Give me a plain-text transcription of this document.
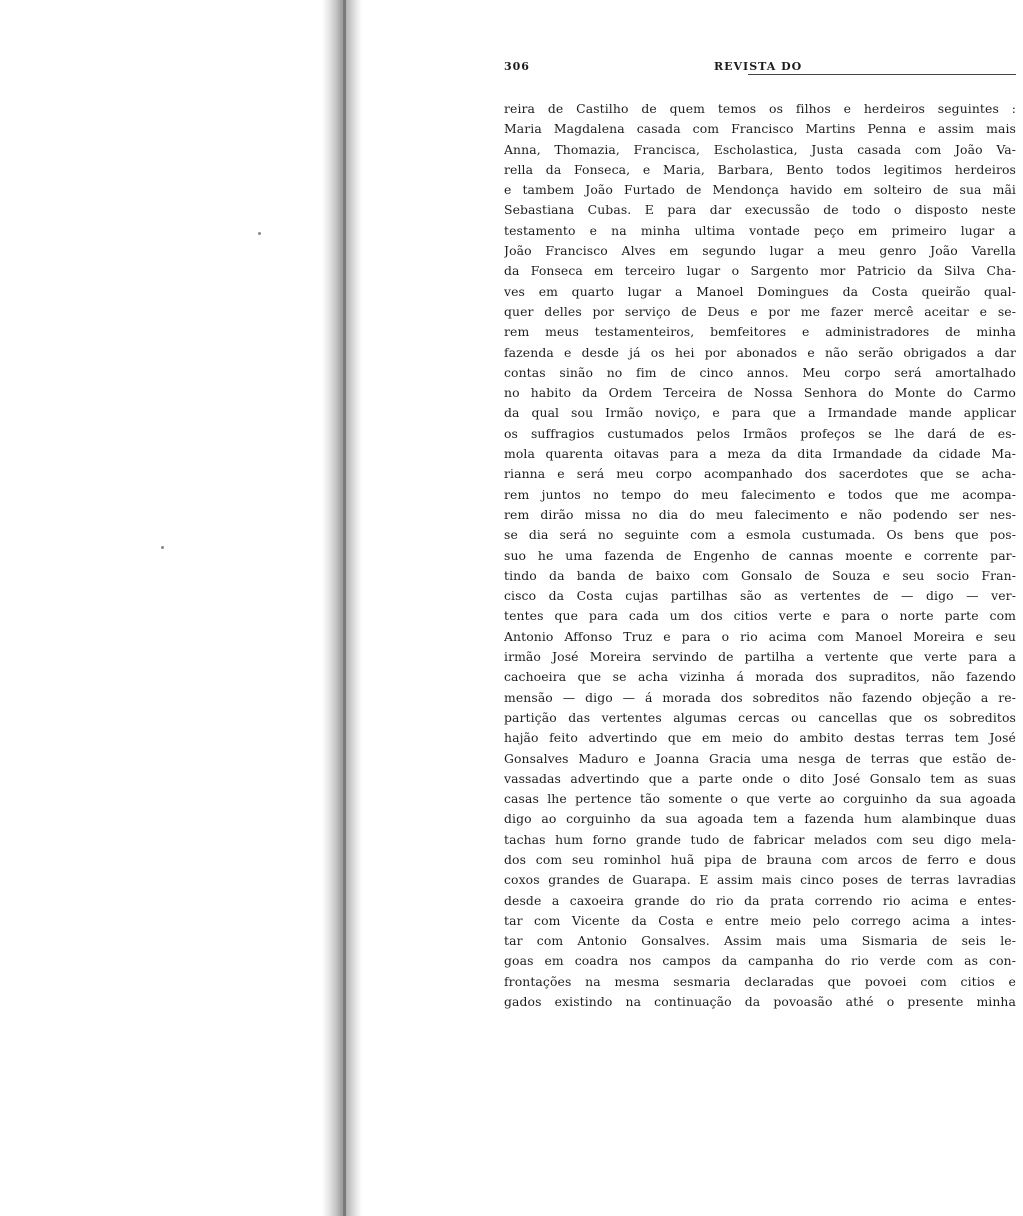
306	REVISTA DO
reira de Castilho de quem temos os filhos e herdeiros seguintes :
Maria Magdalena casada com Francisco Martins Penna e assim mais
Anna, Thomazia, Francisca, Escholastica, Justa casada com João Va-
rella da Fonseca, e Maria, Barbara, Bento todos legitimos herdeiros
e tambem João Furtado de Mendonça havido em solteiro de sua mãi
Sebastiana Cubas. E para dar execussão de todo o disposto neste
testamento e na minha ultima vontade peço em primeiro lugar a
João Francisco Alves em segundo lugar a meu genro João Varella
da Fonseca em terceiro lugar o Sargento mor Patricio da Silva Cha-
ves em quarto lugar a Manoel Domingues da Costa queirão qual-
quer delles por serviço de Deus e por me fazer mercê aceitar e se-
rem meus testamenteiros, bemfeitores e administradores de minha
fazenda e desde já os hei por abonados e não serão obrigados a dar
contas sinão no fim de cinco annos. Meu corpo será amortalhado
no habito da Ordem Terceira de Nossa Senhora do Monte do Carmo
da qual sou Irmão noviço, e para que a Irmandade mande applicar
os suffragios custumados pelos Irmãos profeços se lhe dará de es-
mola quarenta oitavas para a meza da dita Irmandade da cidade Ma-
rianna e será meu corpo acompanhado dos sacerdotes que se acha-
rem juntos no tempo do meu falecimento e todos que me acompa-
rem dirão missa no dia do meu falecimento e não podendo ser nes-
se dia será no seguinte com a esmola custumada. Os bens que pos-
suo he uma fazenda de Engenho de cannas moente e corrente par-
tindo da banda de baixo com Gonsalo de Souza e seu socio Fran-
cisco da Costa cujas partilhas são as vertentes de — digo — ver-
tentes que para cada um dos citios verte e para o norte parte com
Antonio Affonso Truz e para o rio acima com Manoel Moreira e seu
irmão José Moreira servindo de partilha a vertente que verte para a
cachoeira que se acha vizinha á morada dos supraditos, não fazendo
mensão — digo — á morada dos sobreditos não fazendo objeção a re-
partição das vertentes algumas cercas ou cancellas que os sobreditos
hajão feito advertindo que em meio do ambito destas terras tem José
Gonsalves Maduro e Joanna Gracia uma nesga de terras que estão de-
vassadas advertindo que a parte onde o dito José Gonsalo tem as suas
casas lhe pertence tão somente o que verte ao corguinho da sua agoada
digo ao corguinho da sua agoada tem a fazenda hum alambinque duas
tachas hum forno grande tudo de fabricar melados com seu digo mela-
dos com seu rominhol huã pipa de brauna com arcos de ferro e dous
coxos grandes de Guarapa. E assim mais cinco poses de terras lavradias
desde a caxoeira grande do rio da prata correndo rio acima e entes-
tar com Vicente da Costa e entre meio pelo corrego acima a intes-
tar com Antonio Gonsalves. Assim mais uma Sismaria de seis le-
goas em coadra nos campos da campanha do rio verde com as con-
frontações na mesma sesmaria declaradas que povoei com citios e
gados existindo na continuação da povoasão athé o presente minha
